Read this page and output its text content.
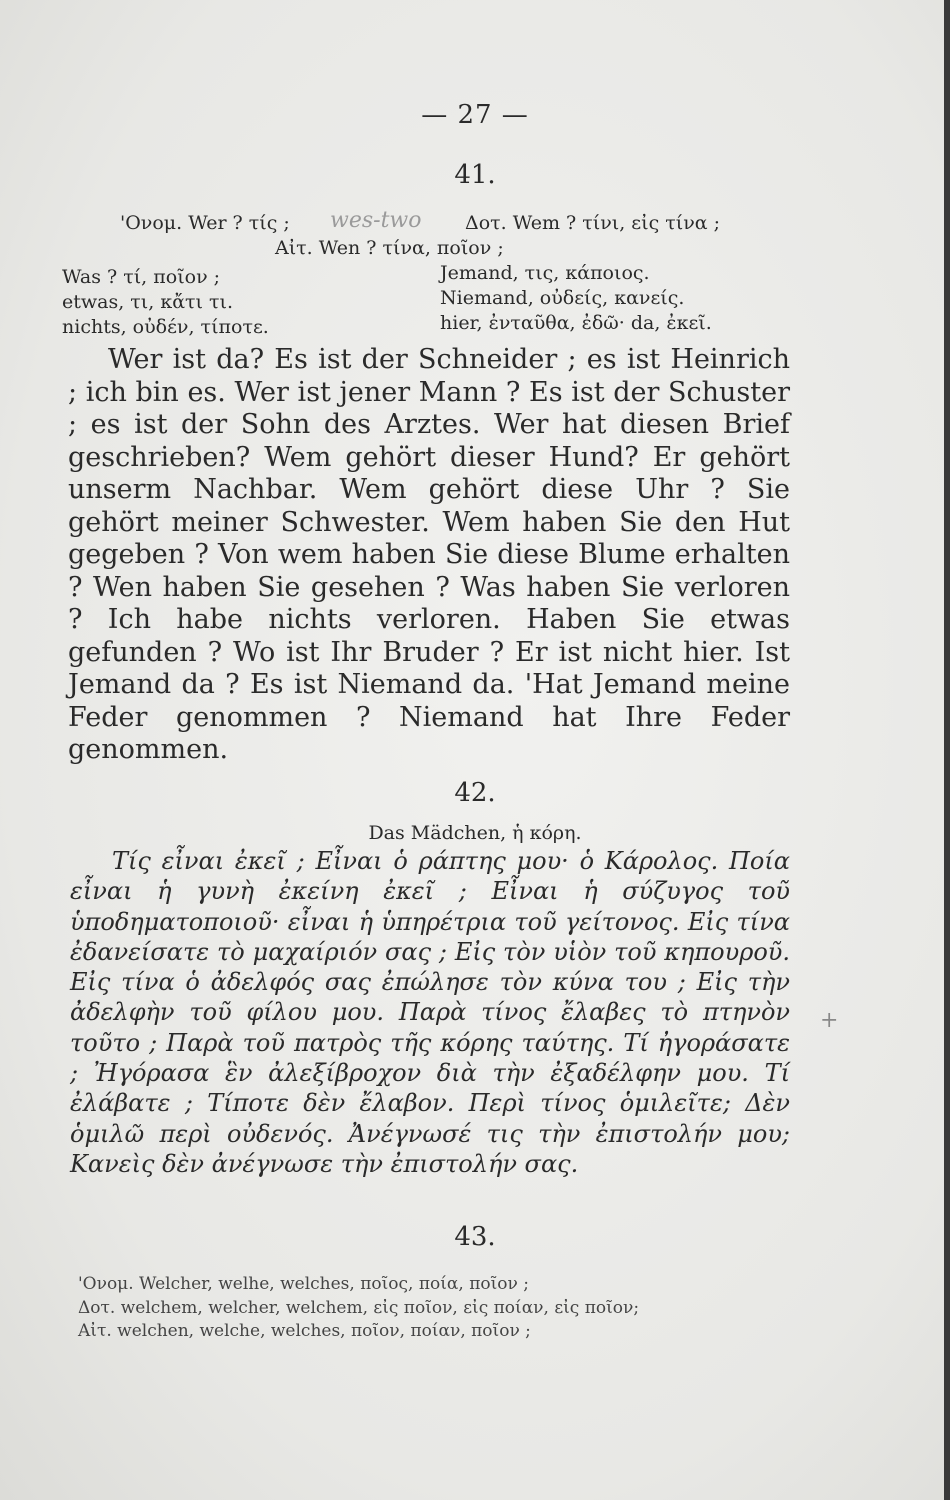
— 27 —
41.
'Ονομ. Wer ? τίς ; wes-two Δοτ. Wem ? τίνι, εἰς τίνα ;
Αἰτ. Wen ? τίνα, ποῖον ;
Was ? τί, ποῖον ;
etwas, τι, κἄτι τι.
nichts, οὐδέν, τίποτε.
Jemand, τις, κάποιος.
Niemand, οὐδείς, κανείς.
hier, ἐνταῦθα, ἐδῶ· da, ἐκεῖ.
Wer ist da? Es ist der Schneider ; es ist Heinrich ; ich bin es. Wer ist jener Mann ? Es ist der Schuster ; es ist der Sohn des Arztes. Wer hat diesen Brief geschrieben? Wem gehört dieser Hund? Er gehört unserm Nachbar. Wem gehört diese Uhr ? Sie gehört meiner Schwester. Wem haben Sie den Hut gegeben ? Von wem haben Sie diese Blume erhalten ? Wen haben Sie gesehen ? Was haben Sie verloren ? Ich habe nichts verloren. Haben Sie etwas gefunden ? Wo ist Ihr Bruder ? Er ist nicht hier. Ist Jemand da ? Es ist Niemand da. 'Hat Jemand meine Feder genommen ? Niemand hat Ihre Feder genommen.
42.
Das Mädchen, ἡ κόρη.
Τίς εἶναι ἐκεῖ ; Εἶναι ὁ ράπτης μου· ὁ Κάρολος. Ποία εἶναι ἡ γυνὴ ἐκείνη ἐκεῖ ; Εἶναι ἡ σύζυγος τοῦ ὑποδηματοποιοῦ· εἶναι ἡ ὑπηρέτρια τοῦ γείτονος. Εἰς τίνα ἐδανείσατε τὸ μαχαίριόν σας ; Εἰς τὸν υἱὸν τοῦ κηπουροῦ. Εἰς τίνα ὁ ἀδελφός σας ἐπώλησε τὸν κύνα του ; Εἰς τὴν ἀδελφὴν τοῦ φίλου μου. Παρὰ τίνος ἔλαβες τὸ πτηνὸν τοῦτο ; Παρὰ τοῦ πατρὸς τῆς κόρης ταύτης. Τί ἠγοράσατε ; Ἠγόρασα ἓν ἀλεξίβροχον διὰ τὴν ἐξαδέλφην μου. Τί ἐλάβατε ; Τίποτε δὲν ἔλαβον. Περὶ τίνος ὁμιλεῖτε; Δὲν ὁμιλῶ περὶ οὐδενός. Ἀνέγνωσέ τις τὴν ἐπιστολήν μου; Κανεὶς δὲν ἀνέγνωσε τὴν ἐπιστολήν σας.
+
43.
'Ονομ. Welcher, welhe, welches, ποῖος, ποία, ποῖον ;
Δοτ. welchem, welcher, welchem, εἰς ποῖον, εἰς ποίαν, εἰς ποῖον;
Αἰτ. welchen, welche, welches, ποῖον, ποίαν, ποῖον ;
